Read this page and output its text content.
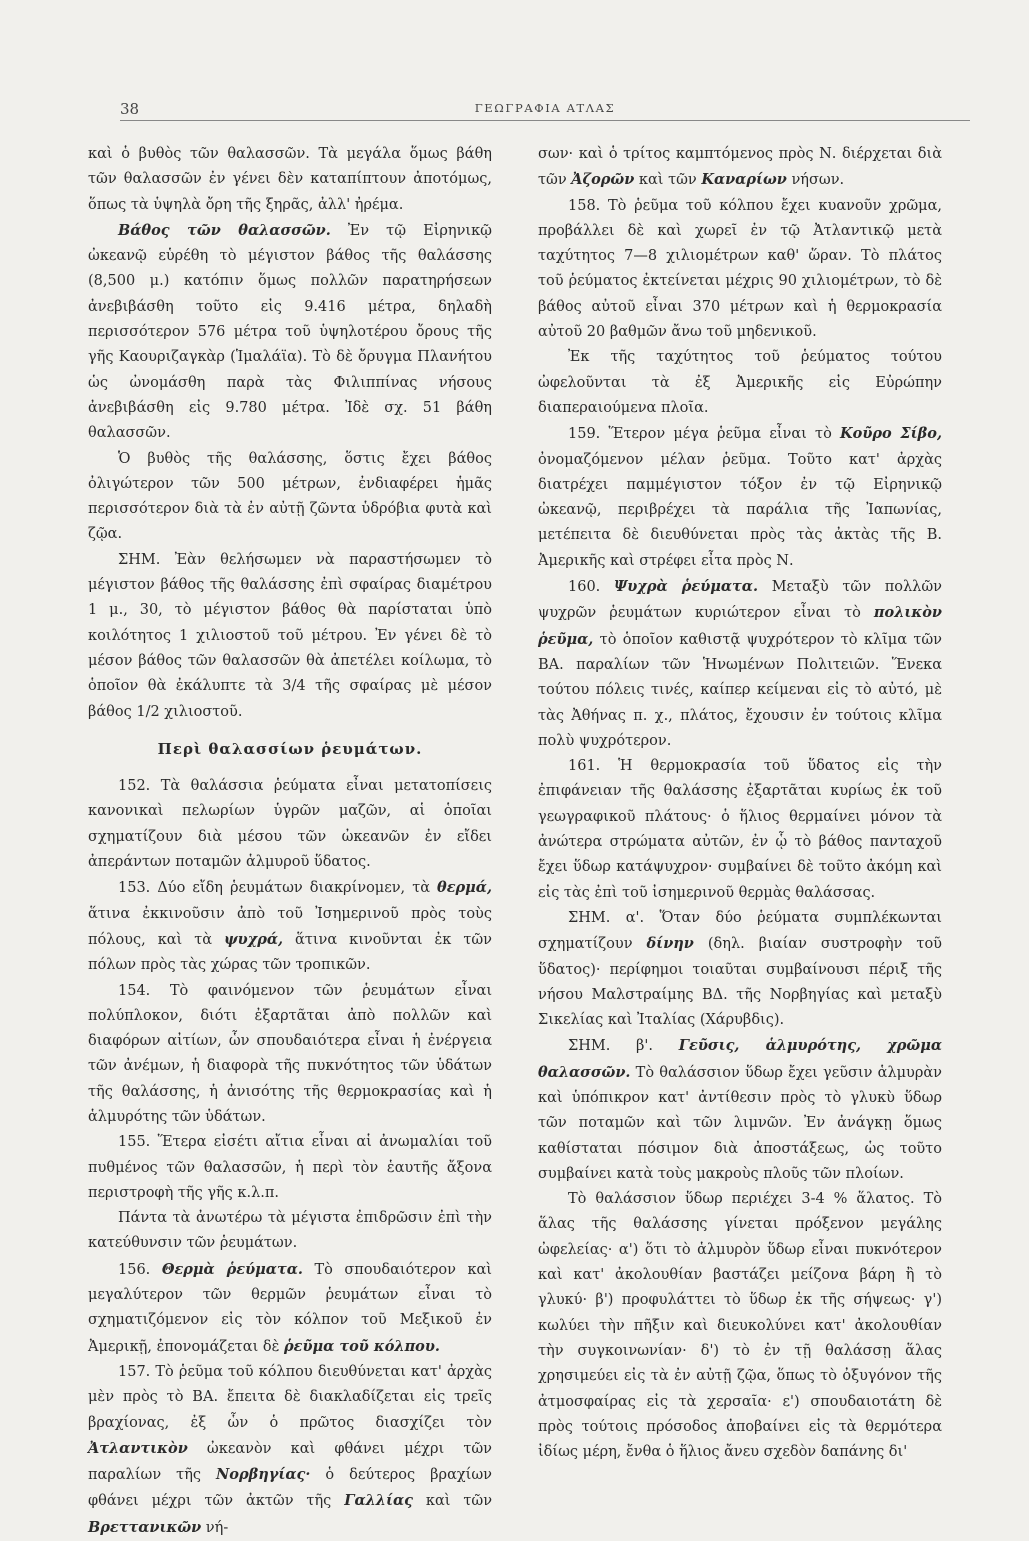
38	ΓΕΩΓΡΑΦΙΑ ΑΤΛΑΣ

καὶ ὁ βυθὸς τῶν θαλασσῶν. Τὰ μεγάλα ὅμως βάθη τῶν θαλασσῶν ἐν γένει δὲν καταπίπτουν ἀποτόμως, ὅπως τὰ ὑψηλὰ ὄρη τῆς ξηρᾶς, ἀλλ' ἠρέμα.

Βάθος τῶν θαλασσῶν. Ἐν τῷ Εἰρηνικῷ ὠκεανῷ εὑρέθη τὸ μέγιστον βάθος τῆς θαλάσσης (8,500 μ.) κατόπιν ὅμως πολλῶν παρατηρήσεων ἀνεβιβάσθη τοῦτο εἰς 9.416 μέτρα, δηλαδὴ περισσότερον 576 μέτρα τοῦ ὑψηλοτέρου ὄρους τῆς γῆς Καουριζαγκὰρ (Ἱμαλάϊα). Τὸ δὲ ὄρυγμα Πλανήτου ὡς ὠνομάσθη παρὰ τὰς Φιλιππίνας νήσους ἀνεβιβάσθη εἰς 9.780 μέτρα. Ἰδὲ σχ. 51 βάθη θαλασσῶν.

Ὁ βυθὸς τῆς θαλάσσης, ὅστις ἔχει βάθος ὀλιγώτερον τῶν 500 μέτρων, ἐνδιαφέρει ἡμᾶς περισσότερον διὰ τὰ ἐν αὐτῇ ζῶντα ὑδρόβια φυτὰ καὶ ζῷα.

ΣΗΜ. Ἐὰν θελήσωμεν νὰ παραστήσωμεν τὸ μέγιστον βάθος τῆς θαλάσσης ἐπὶ σφαίρας διαμέτρου 1 μ., 30, τὸ μέγιστον βάθος θὰ παρίσταται ὑπὸ κοιλότητος 1 χιλιοστοῦ τοῦ μέτρου. Ἐν γένει δὲ τὸ μέσον βάθος τῶν θαλασσῶν θὰ ἀπετέλει κοίλωμα, τὸ ὁποῖον θὰ ἐκάλυπτε τὰ 3/4 τῆς σφαίρας μὲ μέσον βάθος 1/2 χιλιοστοῦ.

Περὶ θαλασσίων ῥευμάτων.

152. Τὰ θαλάσσια ῥεύματα εἶναι μετατοπίσεις κανονικαὶ πελωρίων ὑγρῶν μαζῶν, αἱ ὁποῖαι σχηματίζουν διὰ μέσου τῶν ὠκεανῶν ἐν εἴδει ἀπεράντων ποταμῶν ἁλμυροῦ ὕδατος.

153. Δύο εἴδη ῥευμάτων διακρίνομεν, τὰ θερμά, ἅτινα ἐκκινοῦσιν ἀπὸ τοῦ Ἰσημερινοῦ πρὸς τοὺς πόλους, καὶ τὰ ψυχρά, ἅτινα κινοῦνται ἐκ τῶν πόλων πρὸς τὰς χώρας τῶν τροπικῶν.

154. Τὸ φαινόμενον τῶν ῥευμάτων εἶναι πολύπλοκον, διότι ἐξαρτᾶται ἀπὸ πολλῶν καὶ διαφόρων αἰτίων, ὧν σπουδαιότερα εἶναι ἡ ἐνέργεια τῶν ἀνέμων, ἡ διαφορὰ τῆς πυκνότητος τῶν ὑδάτων τῆς θαλάσσης, ἡ ἀνισότης τῆς θερμοκρασίας καὶ ἡ ἁλμυρότης τῶν ὑδάτων.

155. Ἕτερα εἰσέτι αἴτια εἶναι αἱ ἀνωμαλίαι τοῦ πυθμένος τῶν θαλασσῶν, ἡ περὶ τὸν ἑαυτῆς ἄξονα περιστροφὴ τῆς γῆς κ.λ.π.

Πάντα τὰ ἀνωτέρω τὰ μέγιστα ἐπιδρῶσιν ἐπὶ τὴν κατεύθυνσιν τῶν ῥευμάτων.

156. Θερμὰ ῥεύματα. Τὸ σπουδαιότερον καὶ μεγαλύτερον τῶν θερμῶν ῥευμάτων εἶναι τὸ σχηματιζόμενον εἰς τὸν κόλπον τοῦ Μεξικοῦ ἐν Ἀμερικῇ, ἐπονομάζεται δὲ ῥεῦμα τοῦ κόλπου.

157. Τὸ ῥεῦμα τοῦ κόλπου διευθύνεται κατ' ἀρχὰς μὲν πρὸς τὸ ΒΑ. ἔπειτα δὲ διακλαδίζεται εἰς τρεῖς βραχίονας, ἐξ ὧν ὁ πρῶτος διασχίζει τὸν Ἀτλαντικὸν ὠκεανὸν καὶ φθάνει μέχρι τῶν παραλίων τῆς Νορβηγίας· ὁ δεύτερος βραχίων φθάνει μέχρι τῶν ἀκτῶν τῆς Γαλλίας καὶ τῶν Βρεττανικῶν νή-

σων· καὶ ὁ τρίτος καμπτόμενος πρὸς Ν. διέρχεται διὰ τῶν Ἀζορῶν καὶ τῶν Καναρίων νήσων.

158. Τὸ ῥεῦμα τοῦ κόλπου ἔχει κυανοῦν χρῶμα, προβάλλει δὲ καὶ χωρεῖ ἐν τῷ Ἀτλαντικῷ μετὰ ταχύτητος 7—8 χιλιομέτρων καθ' ὥραν. Τὸ πλάτος τοῦ ῥεύματος ἐκτείνεται μέχρις 90 χιλιομέτρων, τὸ δὲ βάθος αὐτοῦ εἶναι 370 μέτρων καὶ ἡ θερμοκρασία αὐτοῦ 20 βαθμῶν ἄνω τοῦ μηδενικοῦ.

Ἐκ τῆς ταχύτητος τοῦ ῥεύματος τούτου ὠφελοῦνται τὰ ἐξ Ἀμερικῆς εἰς Εὐρώπην διαπεραιούμενα πλοῖα.

159. Ἕτερον μέγα ῥεῦμα εἶναι τὸ Κοῦρο Σίβο, ὀνομαζόμενον μέλαν ῥεῦμα. Τοῦτο κατ' ἀρχὰς διατρέχει παμμέγιστον τόξον ἐν τῷ Εἰρηνικῷ ὠκεανῷ, περιβρέχει τὰ παράλια τῆς Ἰαπωνίας, μετέπειτα δὲ διευθύνεται πρὸς τὰς ἀκτὰς τῆς Β. Ἀμερικῆς καὶ στρέφει εἶτα πρὸς Ν.

160. Ψυχρὰ ῥεύματα. Μεταξὺ τῶν πολλῶν ψυχρῶν ῥευμάτων κυριώτερον εἶναι τὸ πολικὸν ῥεῦμα, τὸ ὁποῖον καθιστᾷ ψυχρότερον τὸ κλῖμα τῶν ΒΑ. παραλίων τῶν Ἡνωμένων Πολιτειῶν. Ἕνεκα τούτου πόλεις τινές, καίπερ κείμεναι εἰς τὸ αὐτό, μὲ τὰς Ἀθήνας π. χ., πλάτος, ἔχουσιν ἐν τούτοις κλῖμα πολὺ ψυχρότερον.

161. Ἡ θερμοκρασία τοῦ ὕδατος εἰς τὴν ἐπιφάνειαν τῆς θαλάσσης ἐξαρτᾶται κυρίως ἐκ τοῦ γεωγραφικοῦ πλάτους· ὁ ἥλιος θερμαίνει μόνον τὰ ἀνώτερα στρώματα αὐτῶν, ἐν ᾧ τὸ βάθος πανταχοῦ ἔχει ὕδωρ κατάψυχρον· συμβαίνει δὲ τοῦτο ἀκόμη καὶ εἰς τὰς ἐπὶ τοῦ ἰσημερινοῦ θερμὰς θαλάσσας.

ΣΗΜ. α'. Ὅταν δύο ῥεύματα συμπλέκωνται σχηματίζουν δίνην (δηλ. βιαίαν συστροφὴν τοῦ ὕδατος)· περίφημοι τοιαῦται συμβαίνουσι πέριξ τῆς νήσου Μαλστραίμης ΒΔ. τῆς Νορβηγίας καὶ μεταξὺ Σικελίας καὶ Ἰταλίας (Χάρυβδις).

ΣΗΜ. β'. Γεῦσις, ἁλμυρότης, χρῶμα θαλασσῶν. Τὸ θαλάσσιον ὕδωρ ἔχει γεῦσιν ἁλμυρὰν καὶ ὑπόπικρον κατ' ἀντίθεσιν πρὸς τὸ γλυκὺ ὕδωρ τῶν ποταμῶν καὶ τῶν λιμνῶν. Ἐν ἀνάγκῃ ὅμως καθίσταται πόσιμον διὰ ἀποστάξεως, ὡς τοῦτο συμβαίνει κατὰ τοὺς μακροὺς πλοῦς τῶν πλοίων.

Τὸ θαλάσσιον ὕδωρ περιέχει 3-4 % ἅλατος. Τὸ ἅλας τῆς θαλάσσης γίνεται πρόξενον μεγάλης ὠφελείας· α') ὅτι τὸ ἁλμυρὸν ὕδωρ εἶναι πυκνότερον καὶ κατ' ἀκολουθίαν βαστάζει μείζονα βάρη ἢ τὸ γλυκύ· β') προφυλάττει τὸ ὕδωρ ἐκ τῆς σήψεως· γ') κωλύει τὴν πῆξιν καὶ διευκολύνει κατ' ἀκολουθίαν τὴν συγκοινωνίαν· δ') τὸ ἐν τῇ θαλάσσῃ ἅλας χρησιμεύει εἰς τὰ ἐν αὐτῇ ζῷα, ὅπως τὸ ὀξυγόνον τῆς ἀτμοσφαίρας εἰς τὰ χερσαῖα· ε') σπουδαιοτάτη δὲ πρὸς τούτοις πρόσοδος ἀποβαίνει εἰς τὰ θερμότερα ἰδίως μέρη, ἔνθα ὁ ἥλιος ἄνευ σχεδὸν δαπάνης δι'
